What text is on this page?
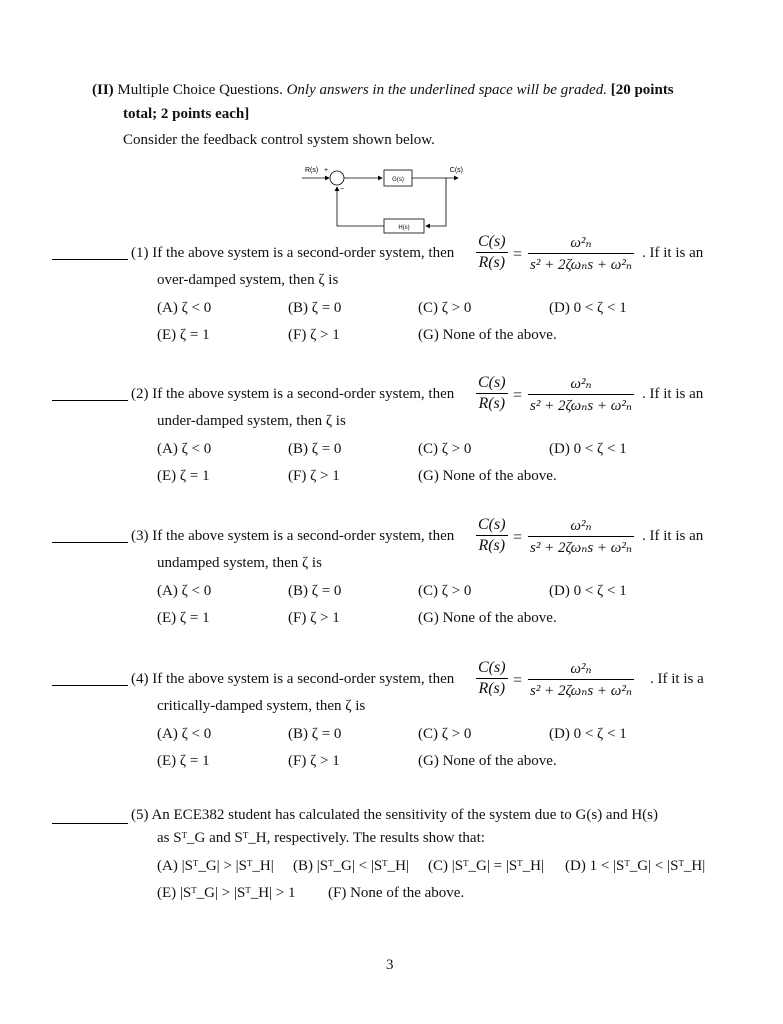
(II) Multiple Choice Questions. Only answers in the underlined space will be graded. [20 points
total; 2 points each]
Consider the feedback control system shown below.
R(s) +
−
G(s)
C(s)
H(s)
(1) If the above system is a second-order system, then
C(s)
R(s) =
ω²ₙ
s² + 2ζωₙs + ω²ₙ
. If it is an
over-damped system, then ζ is
(A) ζ < 0	(B) ζ = 0	(C) ζ > 0	(D) 0 < ζ < 1
(E) ζ = 1	(F) ζ > 1	(G) None of the above.
(2) If the above system is a second-order system, then
C(s)
R(s) =
ω²ₙ
s² + 2ζωₙs + ω²ₙ
. If it is an
under-damped system, then ζ is
(A) ζ < 0	(B) ζ = 0	(C) ζ > 0	(D) 0 < ζ < 1
(E) ζ = 1	(F) ζ > 1	(G) None of the above.
(3) If the above system is a second-order system, then
C(s)
R(s) =
ω²ₙ
s² + 2ζωₙs + ω²ₙ
. If it is an
undamped system, then ζ is
(A) ζ < 0	(B) ζ = 0	(C) ζ > 0	(D) 0 < ζ < 1
(E) ζ = 1	(F) ζ > 1	(G) None of the above.
(4) If the above system is a second-order system, then
C(s)
R(s) =
ω²ₙ
s² + 2ζωₙs + ω²ₙ
. If it is a
critically-damped system, then ζ is
(A) ζ < 0	(B) ζ = 0	(C) ζ > 0	(D) 0 < ζ < 1
(E) ζ = 1	(F) ζ > 1	(G) None of the above.
(5) An ECE382 student has calculated the sensitivity of the system due to G(s) and H(s)
as Sᵀ_G and Sᵀ_H, respectively. The results show that:
(A) |Sᵀ_G| > |Sᵀ_H| (B) |Sᵀ_G| < |Sᵀ_H| (C) |Sᵀ_G| = |Sᵀ_H| (D) 1 < |Sᵀ_G| < |Sᵀ_H|
(E) |Sᵀ_G| > |Sᵀ_H| > 1 (F) None of the above.
3
